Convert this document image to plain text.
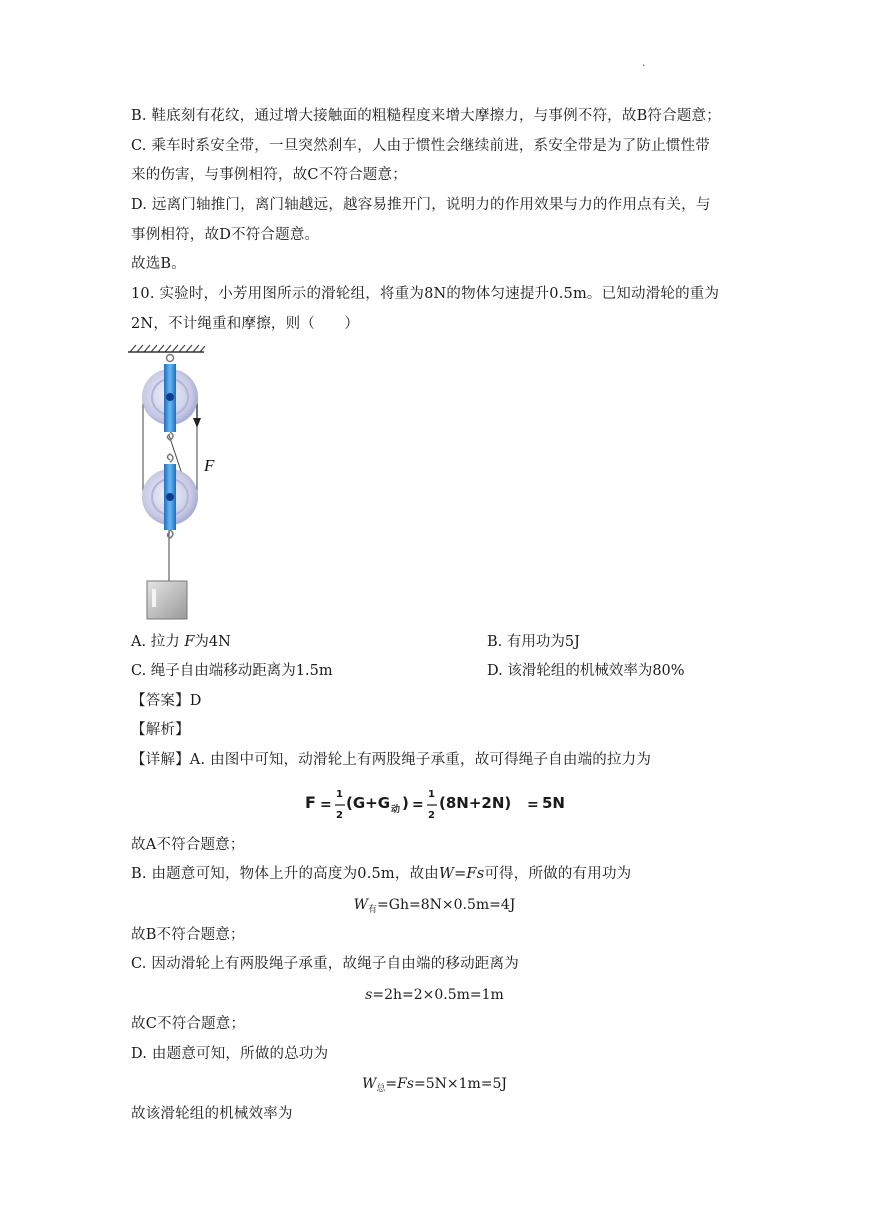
.
B. 鞋底刻有花纹，通过增大接触面的粗糙程度来增大摩擦力，与事例不符，故B符合题意；
C. 乘车时系安全带，一旦突然刹车，人由于惯性会继续前进，系安全带是为了防止惯性带
来的伤害，与事例相符，故C不符合题意；
D. 远离门轴推门，离门轴越远，越容易推开门，说明力的作用效果与力的作用点有关，与
事例相符，故D不符合题意。
故选B。
10. 实验时，小芳用图所示的滑轮组，将重为8N的物体匀速提升0.5m。已知动滑轮的重为
2N，不计绳重和摩擦，则（　　）
F
A. 拉力 F为4N	B. 有用功为5J
C. 绳子自由端移动距离为1.5m	D. 该滑轮组的机械效率为80%
【答案】D
【解析】
【详解】A. 由图中可知，动滑轮上有两股绳子承重，故可得绳子自由端的拉力为
F =
1
2
(G+G 动 ) =
1
2
(8N+2N) = 5N
故A不符合题意；
B. 由题意可知，物体上升的高度为0.5m，故由W=Fs可得，所做的有用功为
$W_有=Gh=8N\times 0.5m=4J$
故B不符合题意；
C. 因动滑轮上有两股绳子承重，故绳子自由端的移动距离为
s=2h=2×0.5m=1m
故C不符合题意；
D. 由题意可知，所做的总功为
$W_总=Fs=5N\times 1m=5J$
故该滑轮组的机械效率为
